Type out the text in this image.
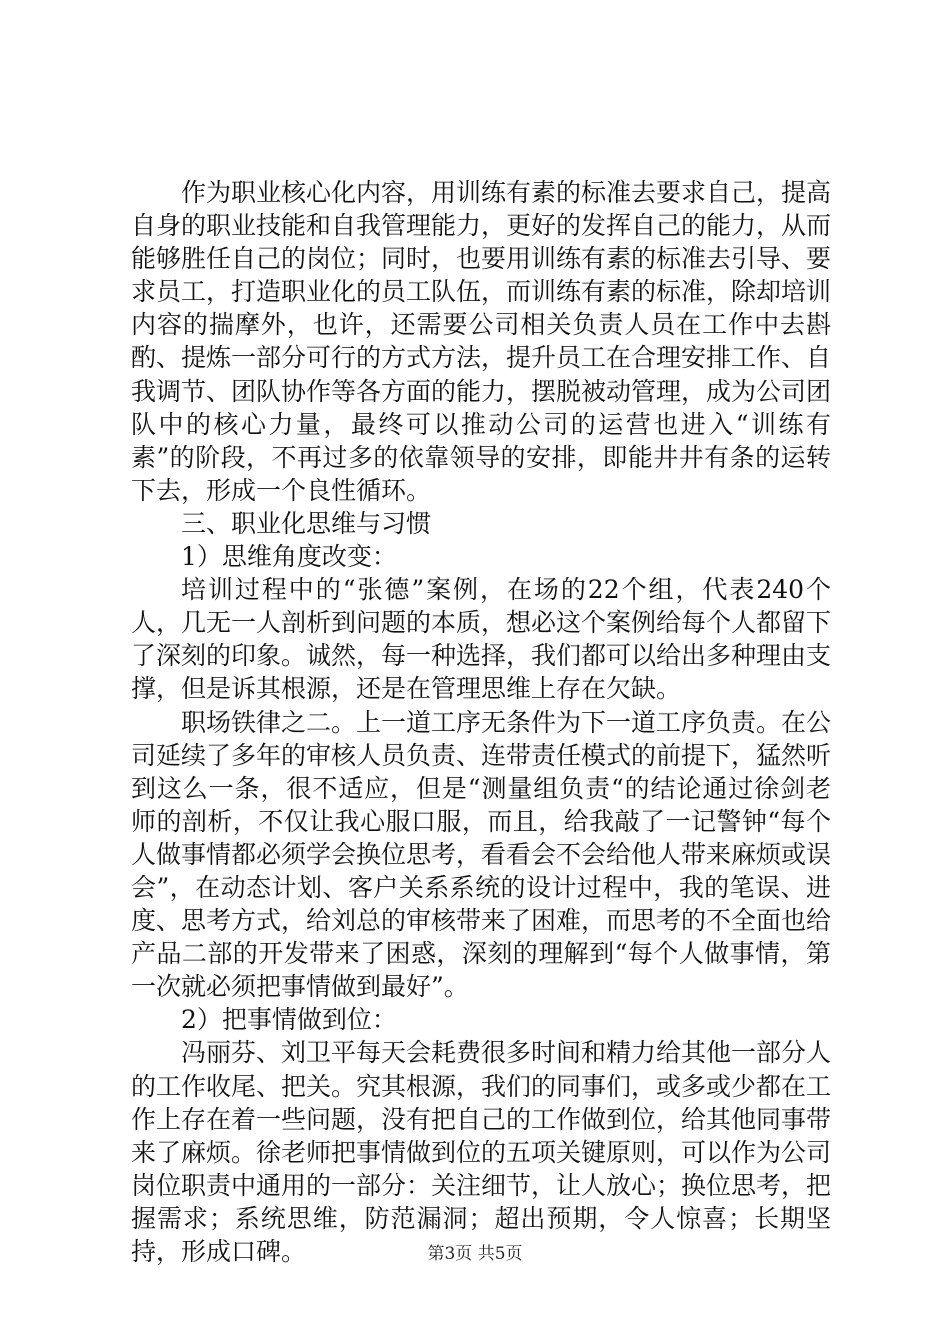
作为职业核心化内容，用训练有素的标准去要求自己，提高自身的职业技能和自我管理能力，更好的发挥自己的能力，从而能够胜任自己的岗位；同时，也要用训练有素的标准去引导、要求员工，打造职业化的员工队伍，而训练有素的标准，除却培训内容的揣摩外，也许，还需要公司相关负责人员在工作中去斟酌、提炼一部分可行的方式方法，提升员工在合理安排工作、自我调节、团队协作等各方面的能力，摆脱被动管理，成为公司团队中的核心力量，最终可以推动公司的运营也进入“训练有素”的阶段，不再过多的依靠领导的安排，即能井井有条的运转下去，形成一个良性循环。

三、职业化思维与习惯

1）思维角度改变：

培训过程中的“张德”案例，在场的22个组，代表240个人，几无一人剖析到问题的本质，想必这个案例给每个人都留下了深刻的印象。诚然，每一种选择，我们都可以给出多种理由支撑，但是诉其根源，还是在管理思维上存在欠缺。

职场铁律之二。上一道工序无条件为下一道工序负责。在公司延续了多年的审核人员负责、连带责任模式的前提下，猛然听到这么一条，很不适应，但是“测量组负责“的结论通过徐剑老师的剖析，不仅让我心服口服，而且，给我敲了一记警钟“每个人做事情都必须学会换位思考，看看会不会给他人带来麻烦或误会”，在动态计划、客户关系系统的设计过程中，我的笔误、进度、思考方式，给刘总的审核带来了困难，而思考的不全面也给产品二部的开发带来了困惑，深刻的理解到“每个人做事情，第一次就必须把事情做到最好”。

2）把事情做到位：

冯丽芬、刘卫平每天会耗费很多时间和精力给其他一部分人的工作收尾、把关。究其根源，我们的同事们，或多或少都在工作上存在着一些问题，没有把自己的工作做到位，给其他同事带来了麻烦。徐老师把事情做到位的五项关键原则，可以作为公司岗位职责中通用的一部分：关注细节，让人放心；换位思考，把握需求；系统思维，防范漏洞；超出预期，令人惊喜；长期坚持，形成口碑。	第3页 共5页
